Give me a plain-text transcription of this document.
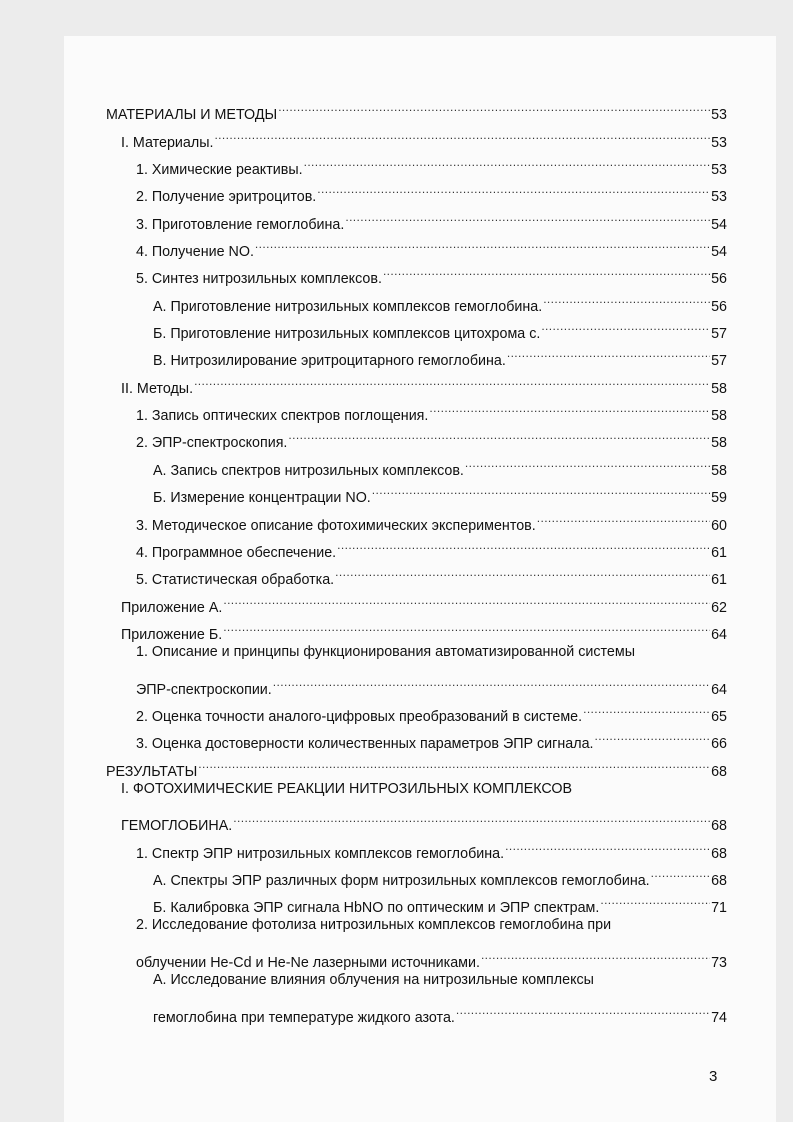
МАТЕРИАЛЫ И МЕТОДЫ .....	53
I. Материалы. .....	53
1. Химические реактивы. .....	53
2. Получение эритроцитов. .....	53
3. Приготовление гемоглобина. .....	54
4. Получение NO. .....	54
5. Синтез нитрозильных комплексов. .....	56
А. Приготовление нитрозильных комплексов гемоглобина. .....	56
Б. Приготовление нитрозильных комплексов цитохрома с. .....	57
В. Нитрозилирование эритроцитарного гемоглобина. .....	57
II. Методы. .....	58
1. Запись оптических спектров поглощения. .....	58
2. ЭПР-спектроскопия. .....	58
А. Запись спектров нитрозильных комплексов. .....	58
Б. Измерение концентрации NO. .....	59
3. Методическое описание фотохимических экспериментов. .....	60
4. Программное обеспечение. .....	61
5. Статистическая обработка. .....	61
Приложение А. .....	62
Приложение Б. .....	64
1. Описание и принципы функционирования автоматизированной системы
ЭПР-спектроскопии. .....	64
2. Оценка точности аналого-цифровых преобразований в системе. .....	65
3. Оценка достоверности количественных параметров ЭПР сигнала. .....	66
РЕЗУЛЬТАТЫ .....	68
I. ФОТОХИМИЧЕСКИЕ РЕАКЦИИ НИТРОЗИЛЬНЫХ КОМПЛЕКСОВ
ГЕМОГЛОБИНА. .....	68
1. Спектр ЭПР нитрозильных комплексов гемоглобина. .....	68
А. Спектры ЭПР различных форм нитрозильных комплексов гемоглобина. .....	68
Б. Калибровка ЭПР сигнала HbNO по оптическим и ЭПР спектрам. .....	71
2. Исследование фотолиза нитрозильных комплексов гемоглобина при
облучении He-Cd и He-Ne лазерными источниками. .....	73
А. Исследование влияния облучения на нитрозильные комплексы
гемоглобина при температуре жидкого азота. .....	74
3
